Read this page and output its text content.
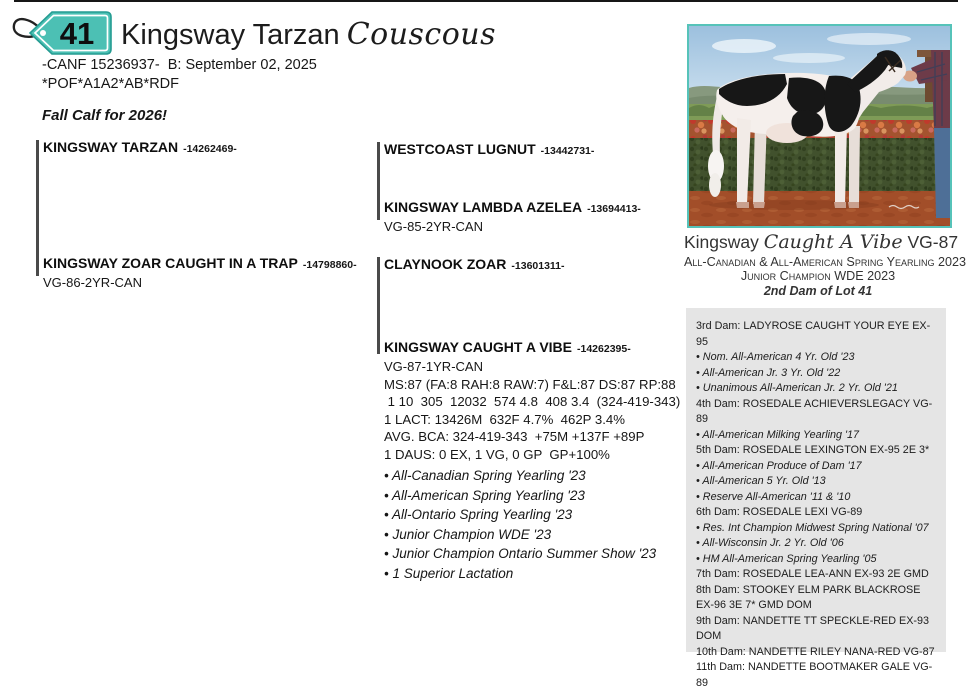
41 Kingsway Tarzan Couscous
-CANF 15236937-  B: September 02, 2025
*POF*A1A2*AB*RDF
Fall Calf for 2026!
KINGSWAY TARZAN -14262469-
KINGSWAY ZOAR CAUGHT IN A TRAP -14798860-
VG-86-2YR-CAN
WESTCOAST LUGNUT -13442731-
KINGSWAY LAMBDA AZELEA -13694413-
VG-85-2YR-CAN
CLAYNOOK ZOAR -13601311-
KINGSWAY CAUGHT A VIBE -14262395-
VG-87-1YR-CAN
MS:87 (FA:8 RAH:8 RAW:7) F&L:87 DS:87 RP:88
1 10  305  12032  574 4.8  408 3.4  (324-419-343)
1 LACT: 13426M  632F 4.7%  462P 3.4%
AVG. BCA: 324-419-343  +75M +137F +89P
1 DAUS: 0 EX, 1 VG, 0 GP  GP+100%
• All-Canadian Spring Yearling '23
• All-American Spring Yearling '23
• All-Ontario Spring Yearling '23
• Junior Champion WDE '23
• Junior Champion Ontario Summer Show '23
• 1 Superior Lactation
Kingsway Caught A Vibe VG-87
All-Canadian & All-American Spring Yearling 2023
Junior Champion WDE 2023
2nd Dam of Lot 41
3rd Dam: LADYROSE CAUGHT YOUR EYE EX-95
• Nom. All-American 4 Yr. Old '23
• All-American Jr. 3 Yr. Old '22
• Unanimous All-American Jr. 2 Yr. Old '21
4th Dam: ROSEDALE ACHIEVERSLEGACY VG-89
• All-American Milking Yearling '17
5th Dam: ROSEDALE LEXINGTON EX-95 2E 3*
• All-American Produce of Dam '17
• All-American 5 Yr. Old '13
• Reserve All-American '11 & '10
6th Dam: ROSEDALE LEXI VG-89
• Res. Int Champion Midwest Spring National '07
• All-Wisconsin Jr. 2 Yr. Old '06
• HM All-American Spring Yearling '05
7th Dam: ROSEDALE LEA-ANN EX-93 2E GMD
8th Dam: STOOKEY ELM PARK BLACKROSE EX-96 3E 7* GMD DOM
9th Dam: NANDETTE TT SPECKLE-RED EX-93 DOM
10th Dam: NANDETTE RILEY NANA-RED VG-87
11th Dam: NANDETTE BOOTMAKER GALE VG-89
